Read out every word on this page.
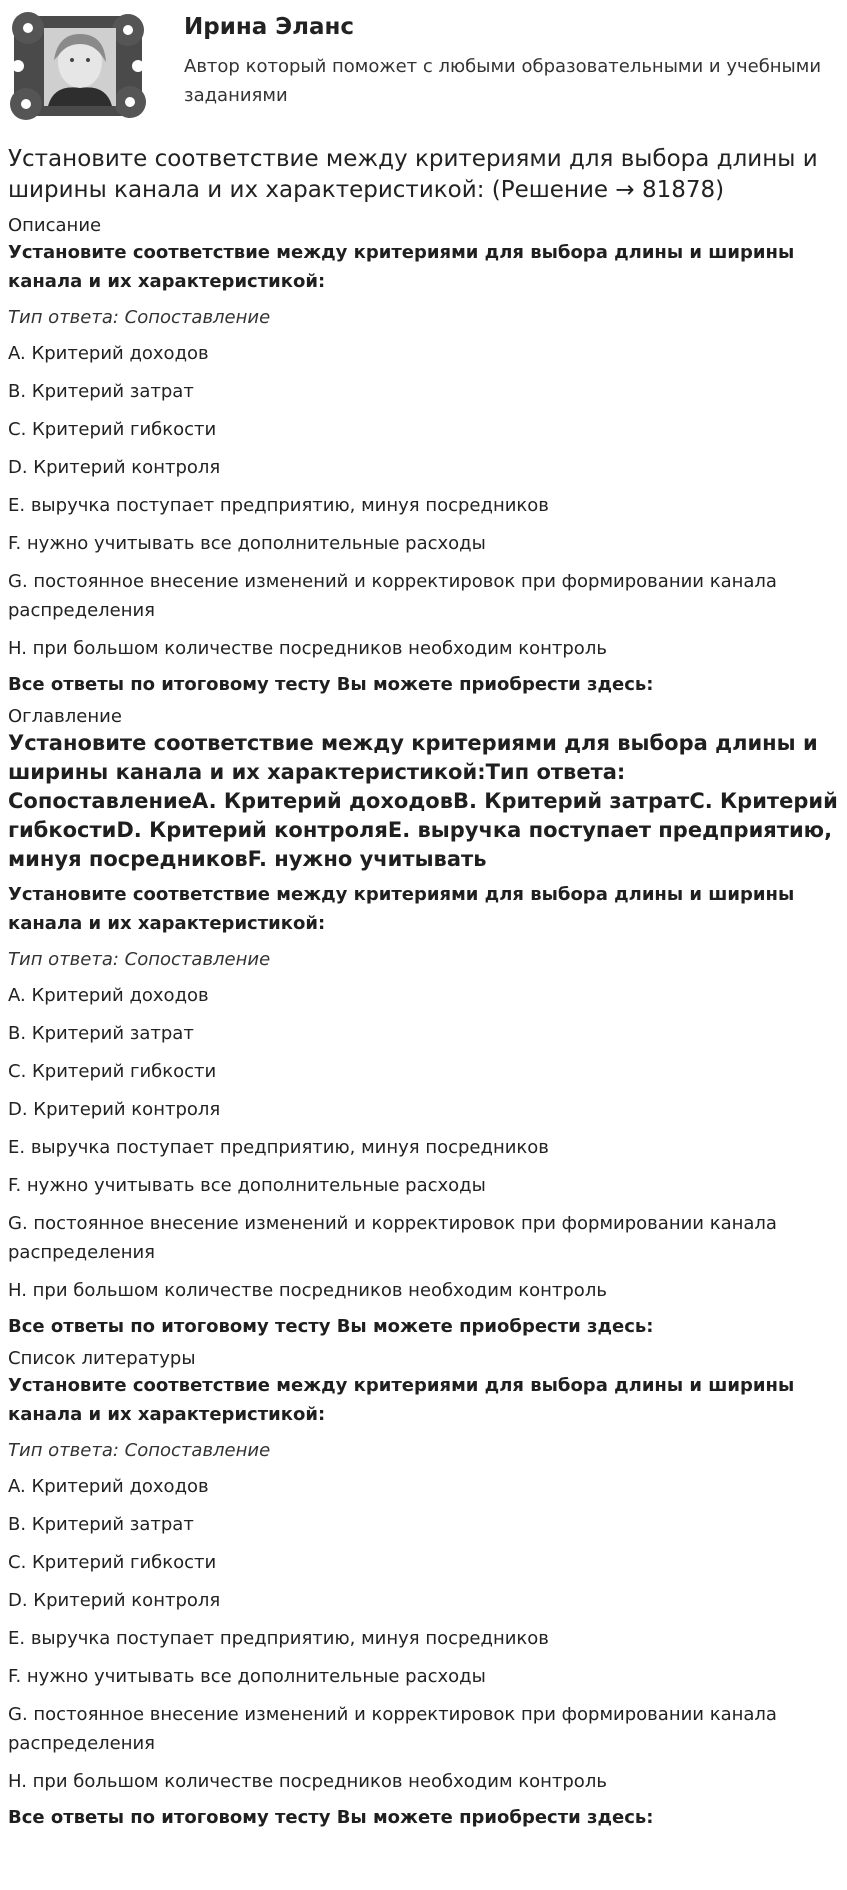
Ирина Эланс

Автор который поможет с любыми образовательными и учебными заданиями
Установите соответствие между критериями для выбора длины и ширины канала и их характеристикой: (Решение → 81878)

Описание

Установите соответствие между критериями для выбора длины и ширины канала и их характеристикой:

Тип ответа: Сопоставление

A. Критерий доходов

B. Критерий затрат

C. Критерий гибкости

D. Критерий контроля

E. выручка поступает предприятию, минуя посредников

F. нужно учитывать все дополнительные расходы

G. постоянное внесение изменений и корректировок при формировании канала распределения

H. при большом количестве посредников необходим контроль

Все ответы по итоговому тесту Вы можете приобрести здесь:

Оглавление

Установите соответствие между критериями для выбора длины и ширины канала и их характеристикой:Тип ответа: СопоставлениеA. Критерий доходовB. Критерий затратC. Критерий гибкостиD. Критерий контроляE. выручка поступает предприятию, минуя посредниковF. нужно учитывать

Установите соответствие между критериями для выбора длины и ширины канала и их характеристикой:

Тип ответа: Сопоставление

A. Критерий доходов

B. Критерий затрат

C. Критерий гибкости

D. Критерий контроля

E. выручка поступает предприятию, минуя посредников

F. нужно учитывать все дополнительные расходы

G. постоянное внесение изменений и корректировок при формировании канала распределения

H. при большом количестве посредников необходим контроль

Все ответы по итоговому тесту Вы можете приобрести здесь:

Список литературы

Установите соответствие между критериями для выбора длины и ширины канала и их характеристикой:

Тип ответа: Сопоставление

A. Критерий доходов

B. Критерий затрат

C. Критерий гибкости

D. Критерий контроля

E. выручка поступает предприятию, минуя посредников

F. нужно учитывать все дополнительные расходы

G. постоянное внесение изменений и корректировок при формировании канала распределения

H. при большом количестве посредников необходим контроль

Все ответы по итоговому тесту Вы можете приобрести здесь:
